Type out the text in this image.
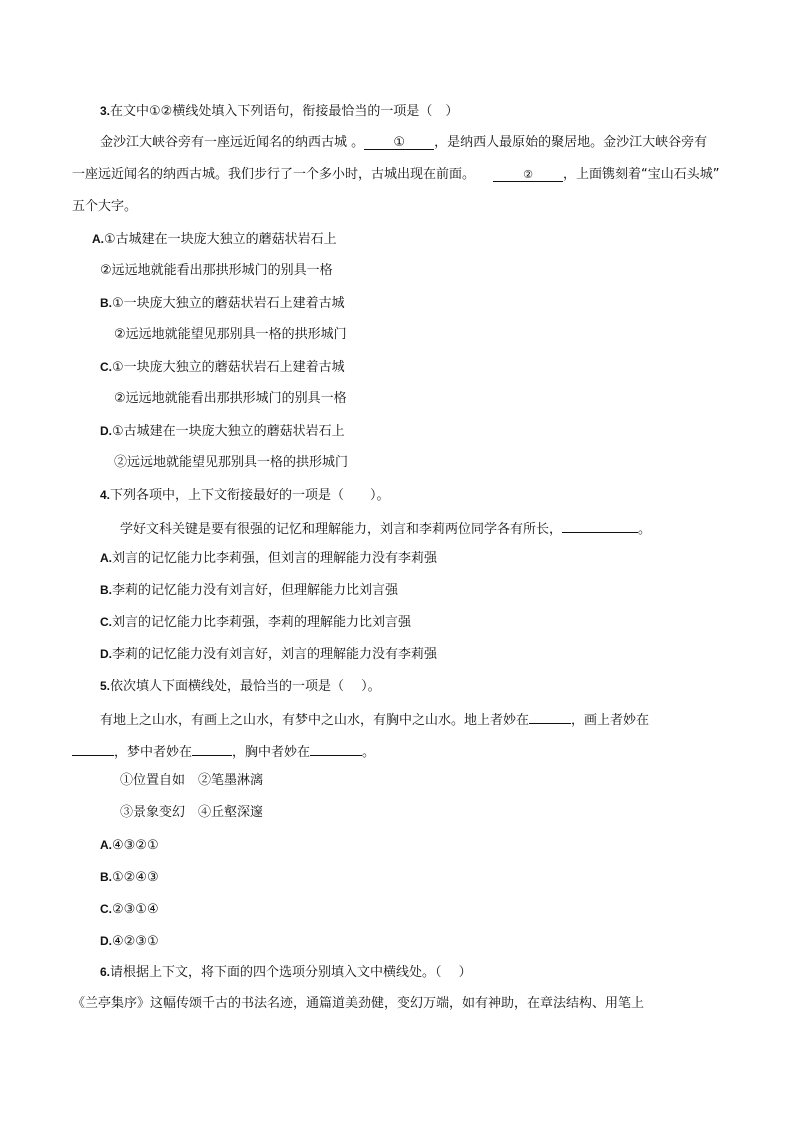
3.在文中①②横线处填入下列语句，衔接最恰当的一项是（　）
金沙江大峡谷旁有一座远近闻名的纳西古城 。 ① ，是纳西人最原始的聚居地。金沙江大峡谷旁有
一座远近闻名的纳西古城。我们步行了一个多小时，古城出现在前面。	② ，上面镌刻着“宝山石头城”
五个大字。
A.①古城建在一块庞大独立的蘑菇状岩石上
②远远地就能看出那拱形城门的别具一格
B.①一块庞大独立的蘑菇状岩石上建着古城
②远远地就能望见那别具一格的拱形城门
C.①一块庞大独立的蘑菇状岩石上建着古城
②远远地就能看出那拱形城门的别具一格
D.①古城建在一块庞大独立的蘑菇状岩石上
②远远地就能望见那别具一格的拱形城门
4.下列各项中，上下文衔接最好的一项是（　　）。
学好文科关键是要有很强的记忆和理解能力，刘言和李莉两位同学各有所长，	。
A.刘言的记忆能力比李莉强，但刘言的理解能力没有李莉强
B.李莉的记忆能力没有刘言好，但理解能力比刘言强
C.刘言的记忆能力比李莉强，李莉的理解能力比刘言强
D.李莉的记忆能力没有刘言好，刘言的理解能力没有李莉强
5.依次填人下面横线处，最恰当的一项是（　 ）。
有地上之山水，有画上之山水，有梦中之山水，有胸中之山水。地上者妙在	，画上者妙在
，梦中者妙在	，胸中者妙在	。
①位置自如　②笔墨淋漓
③景象变幻　④丘壑深邃
A.④③②①
B.①②④③
C.②③①④
D.④②③①
6.请根据上下文，将下面的四个选项分别填入文中横线处。（　 ）
《兰亭集序》这幅传颂千古的书法名迹，通篇道美劲健，变幻万端，如有神助，在章法结构、用笔上
